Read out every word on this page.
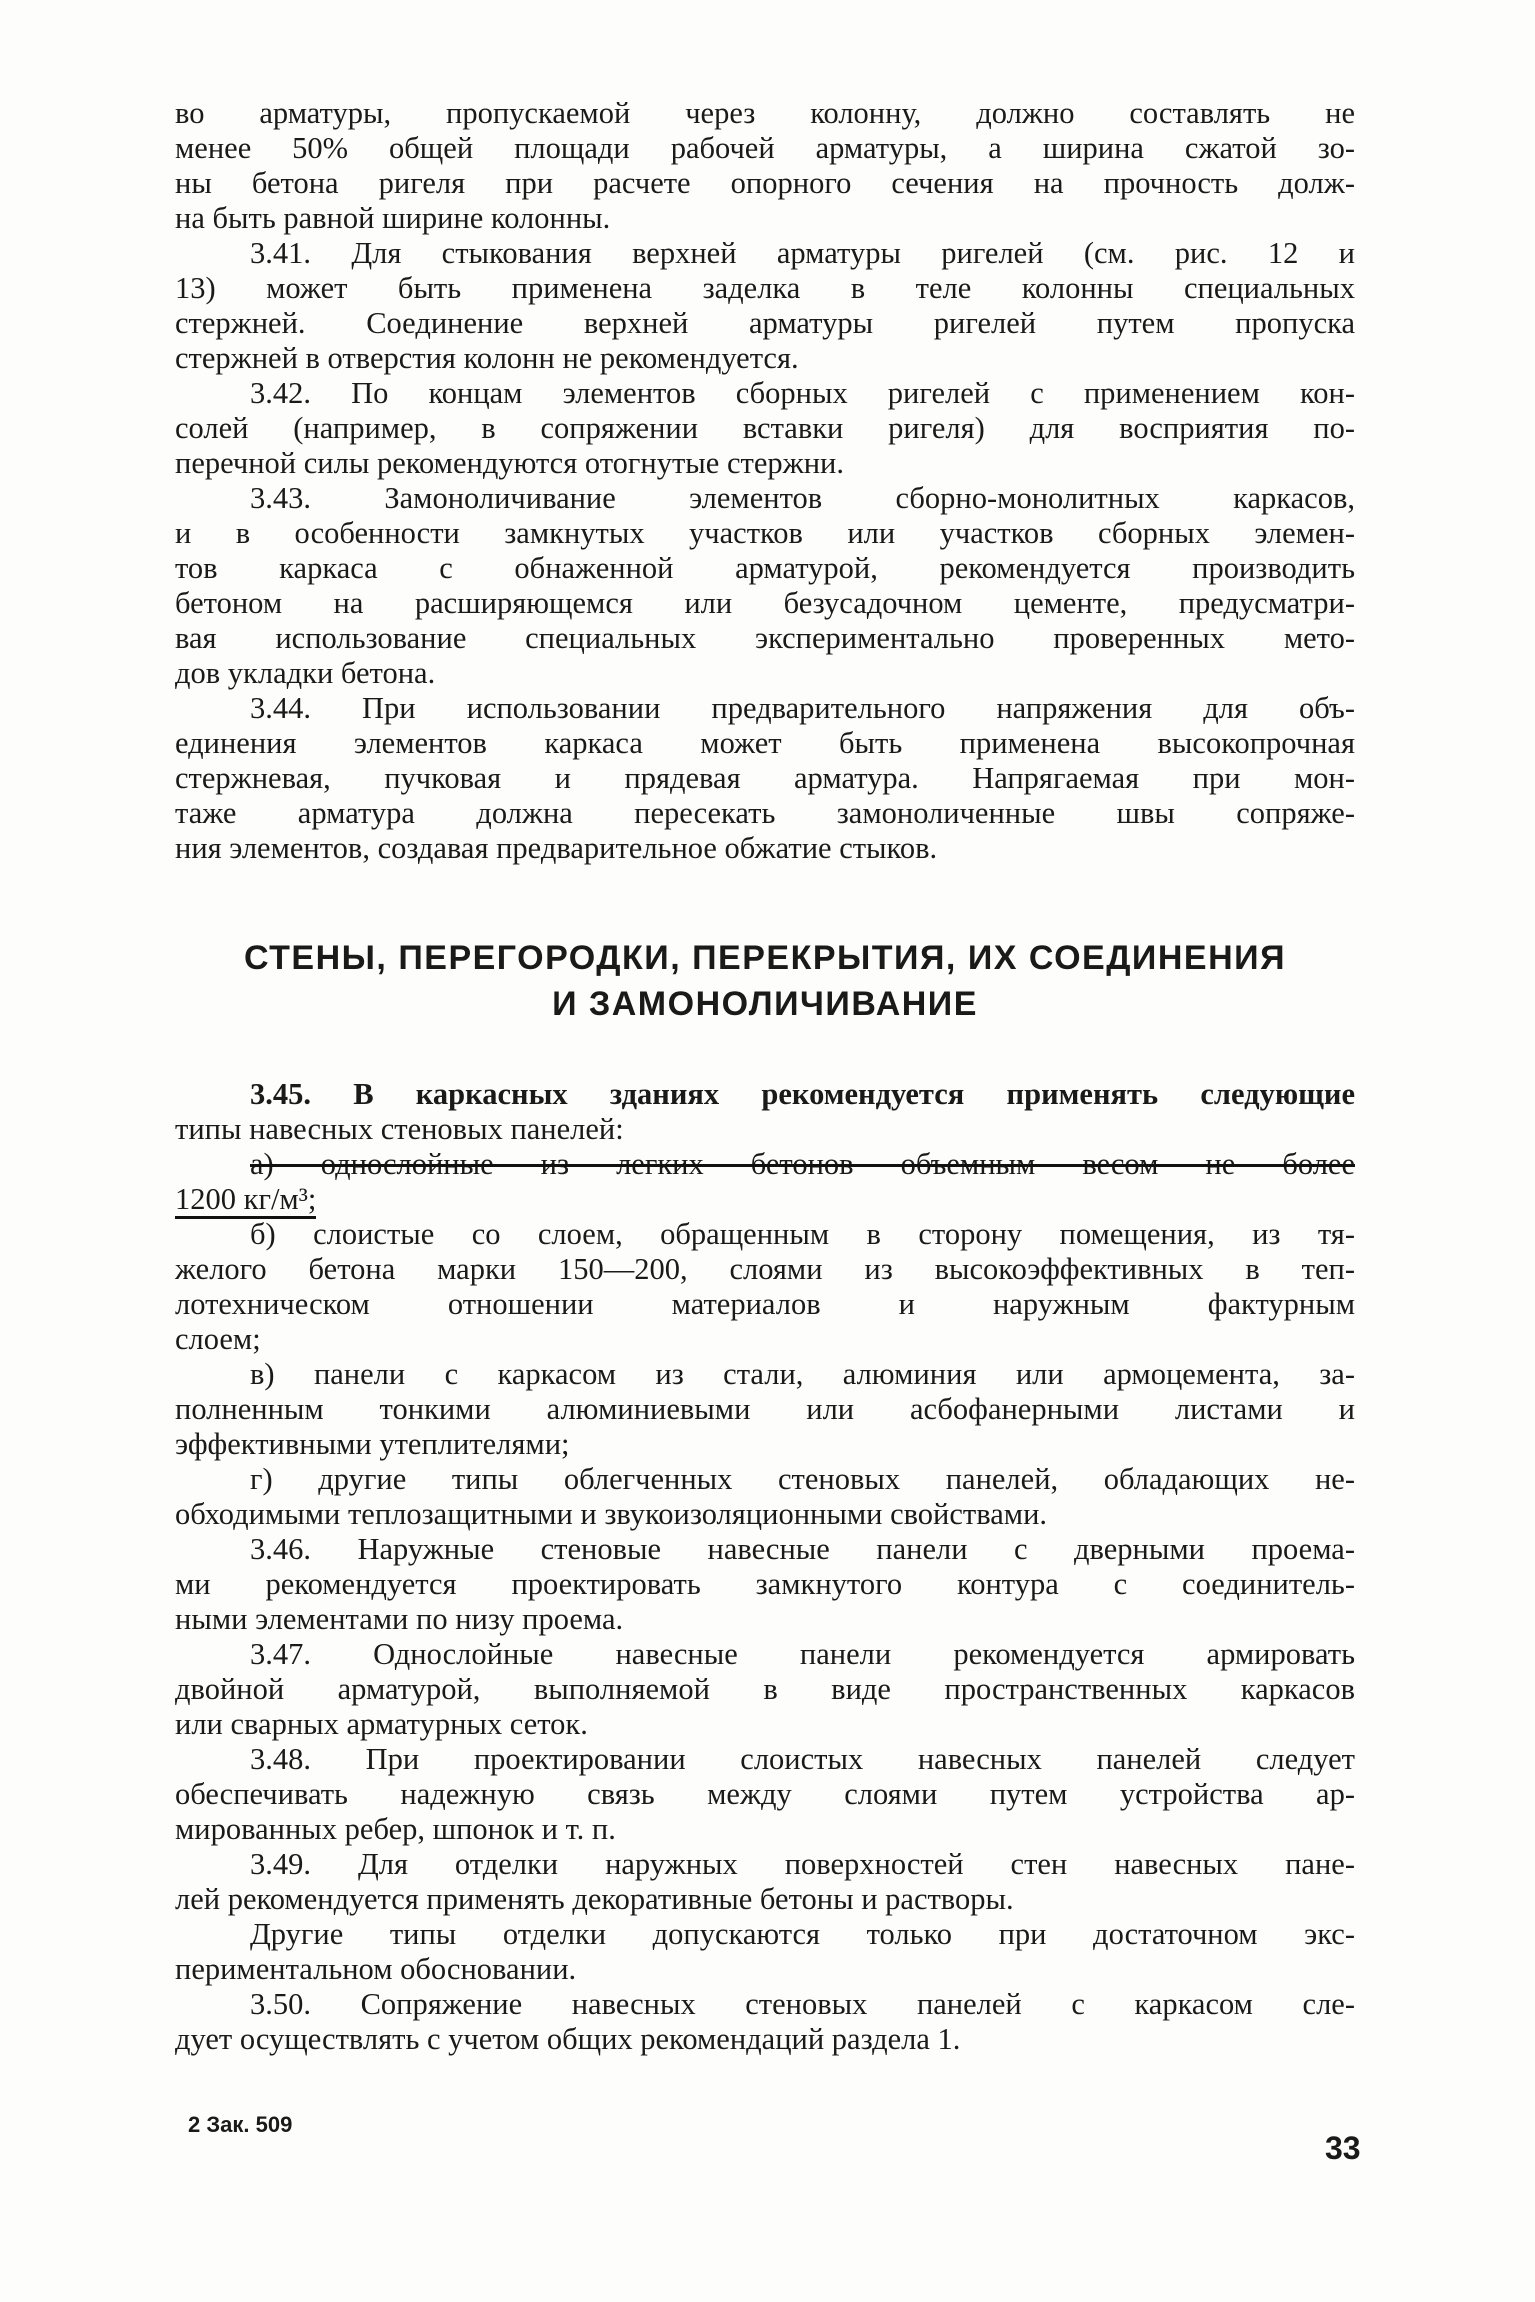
во арматуры, пропускаемой через колонну, должно составлять не
менее 50% общей площади рабочей арматуры, а ширина сжатой зо-
ны бетона ригеля при расчете опорного сечения на прочность долж-
на быть равной ширине колонны.
3.41. Для стыкования верхней арматуры ригелей (см. рис. 12 и
13) может быть применена заделка в теле колонны специальных
стержней. Соединение верхней арматуры ригелей путем пропуска
стержней в отверстия колонн не рекомендуется.
3.42. По концам элементов сборных ригелей с применением кон-
солей (например, в сопряжении вставки ригеля) для восприятия по-
перечной силы рекомендуются отогнутые стержни.
3.43. Замоноличивание элементов сборно-монолитных каркасов,
и в особенности замкнутых участков или участков сборных элемен-
тов каркаса с обнаженной арматурой, рекомендуется производить
бетоном на расширяющемся или безусадочном цементе, предусматри-
вая использование специальных экспериментально проверенных мето-
дов укладки бетона.
3.44. При использовании предварительного напряжения для объ-
единения элементов каркаса может быть применена высокопрочная
стержневая, пучковая и прядевая арматура. Напрягаемая при мон-
таже арматура должна пересекать замоноличенные швы сопряже-
ния элементов, создавая предварительное обжатие стыков.
СТЕНЫ, ПЕРЕГОРОДКИ, ПЕРЕКРЫТИЯ, ИХ СОЕДИНЕНИЯ
И ЗАМОНОЛИЧИВАНИЕ
3.45. В каркасных зданиях рекомендуется применять следующие
типы навесных стеновых панелей:
а) однослойные из легких бетонов объемным весом не более
1200 кг/м³;
б) слоистые со слоем, обращенным в сторону помещения, из тя-
желого бетона марки 150—200, слоями из высокоэффективных в теп-
лотехническом отношении материалов и наружным фактурным
слоем;
в) панели с каркасом из стали, алюминия или армоцемента, за-
полненным тонкими алюминиевыми или асбофанерными листами и
эффективными утеплителями;
г) другие типы облегченных стеновых панелей, обладающих не-
обходимыми теплозащитными и звукоизоляционными свойствами.
3.46. Наружные стеновые навесные панели с дверными проема-
ми рекомендуется проектировать замкнутого контура с соединитель-
ными элементами по низу проема.
3.47. Однослойные навесные панели рекомендуется армировать
двойной арматурой, выполняемой в виде пространственных каркасов
или сварных арматурных сеток.
3.48. При проектировании слоистых навесных панелей следует
обеспечивать надежную связь между слоями путем устройства ар-
мированных ребер, шпонок и т. п.
3.49. Для отделки наружных поверхностей стен навесных пане-
лей рекомендуется применять декоративные бетоны и растворы.
Другие типы отделки допускаются только при достаточном экс-
периментальном обосновании.
3.50. Сопряжение навесных стеновых панелей с каркасом сле-
дует осуществлять с учетом общих рекомендаций раздела 1.
2 Зак. 509
33
